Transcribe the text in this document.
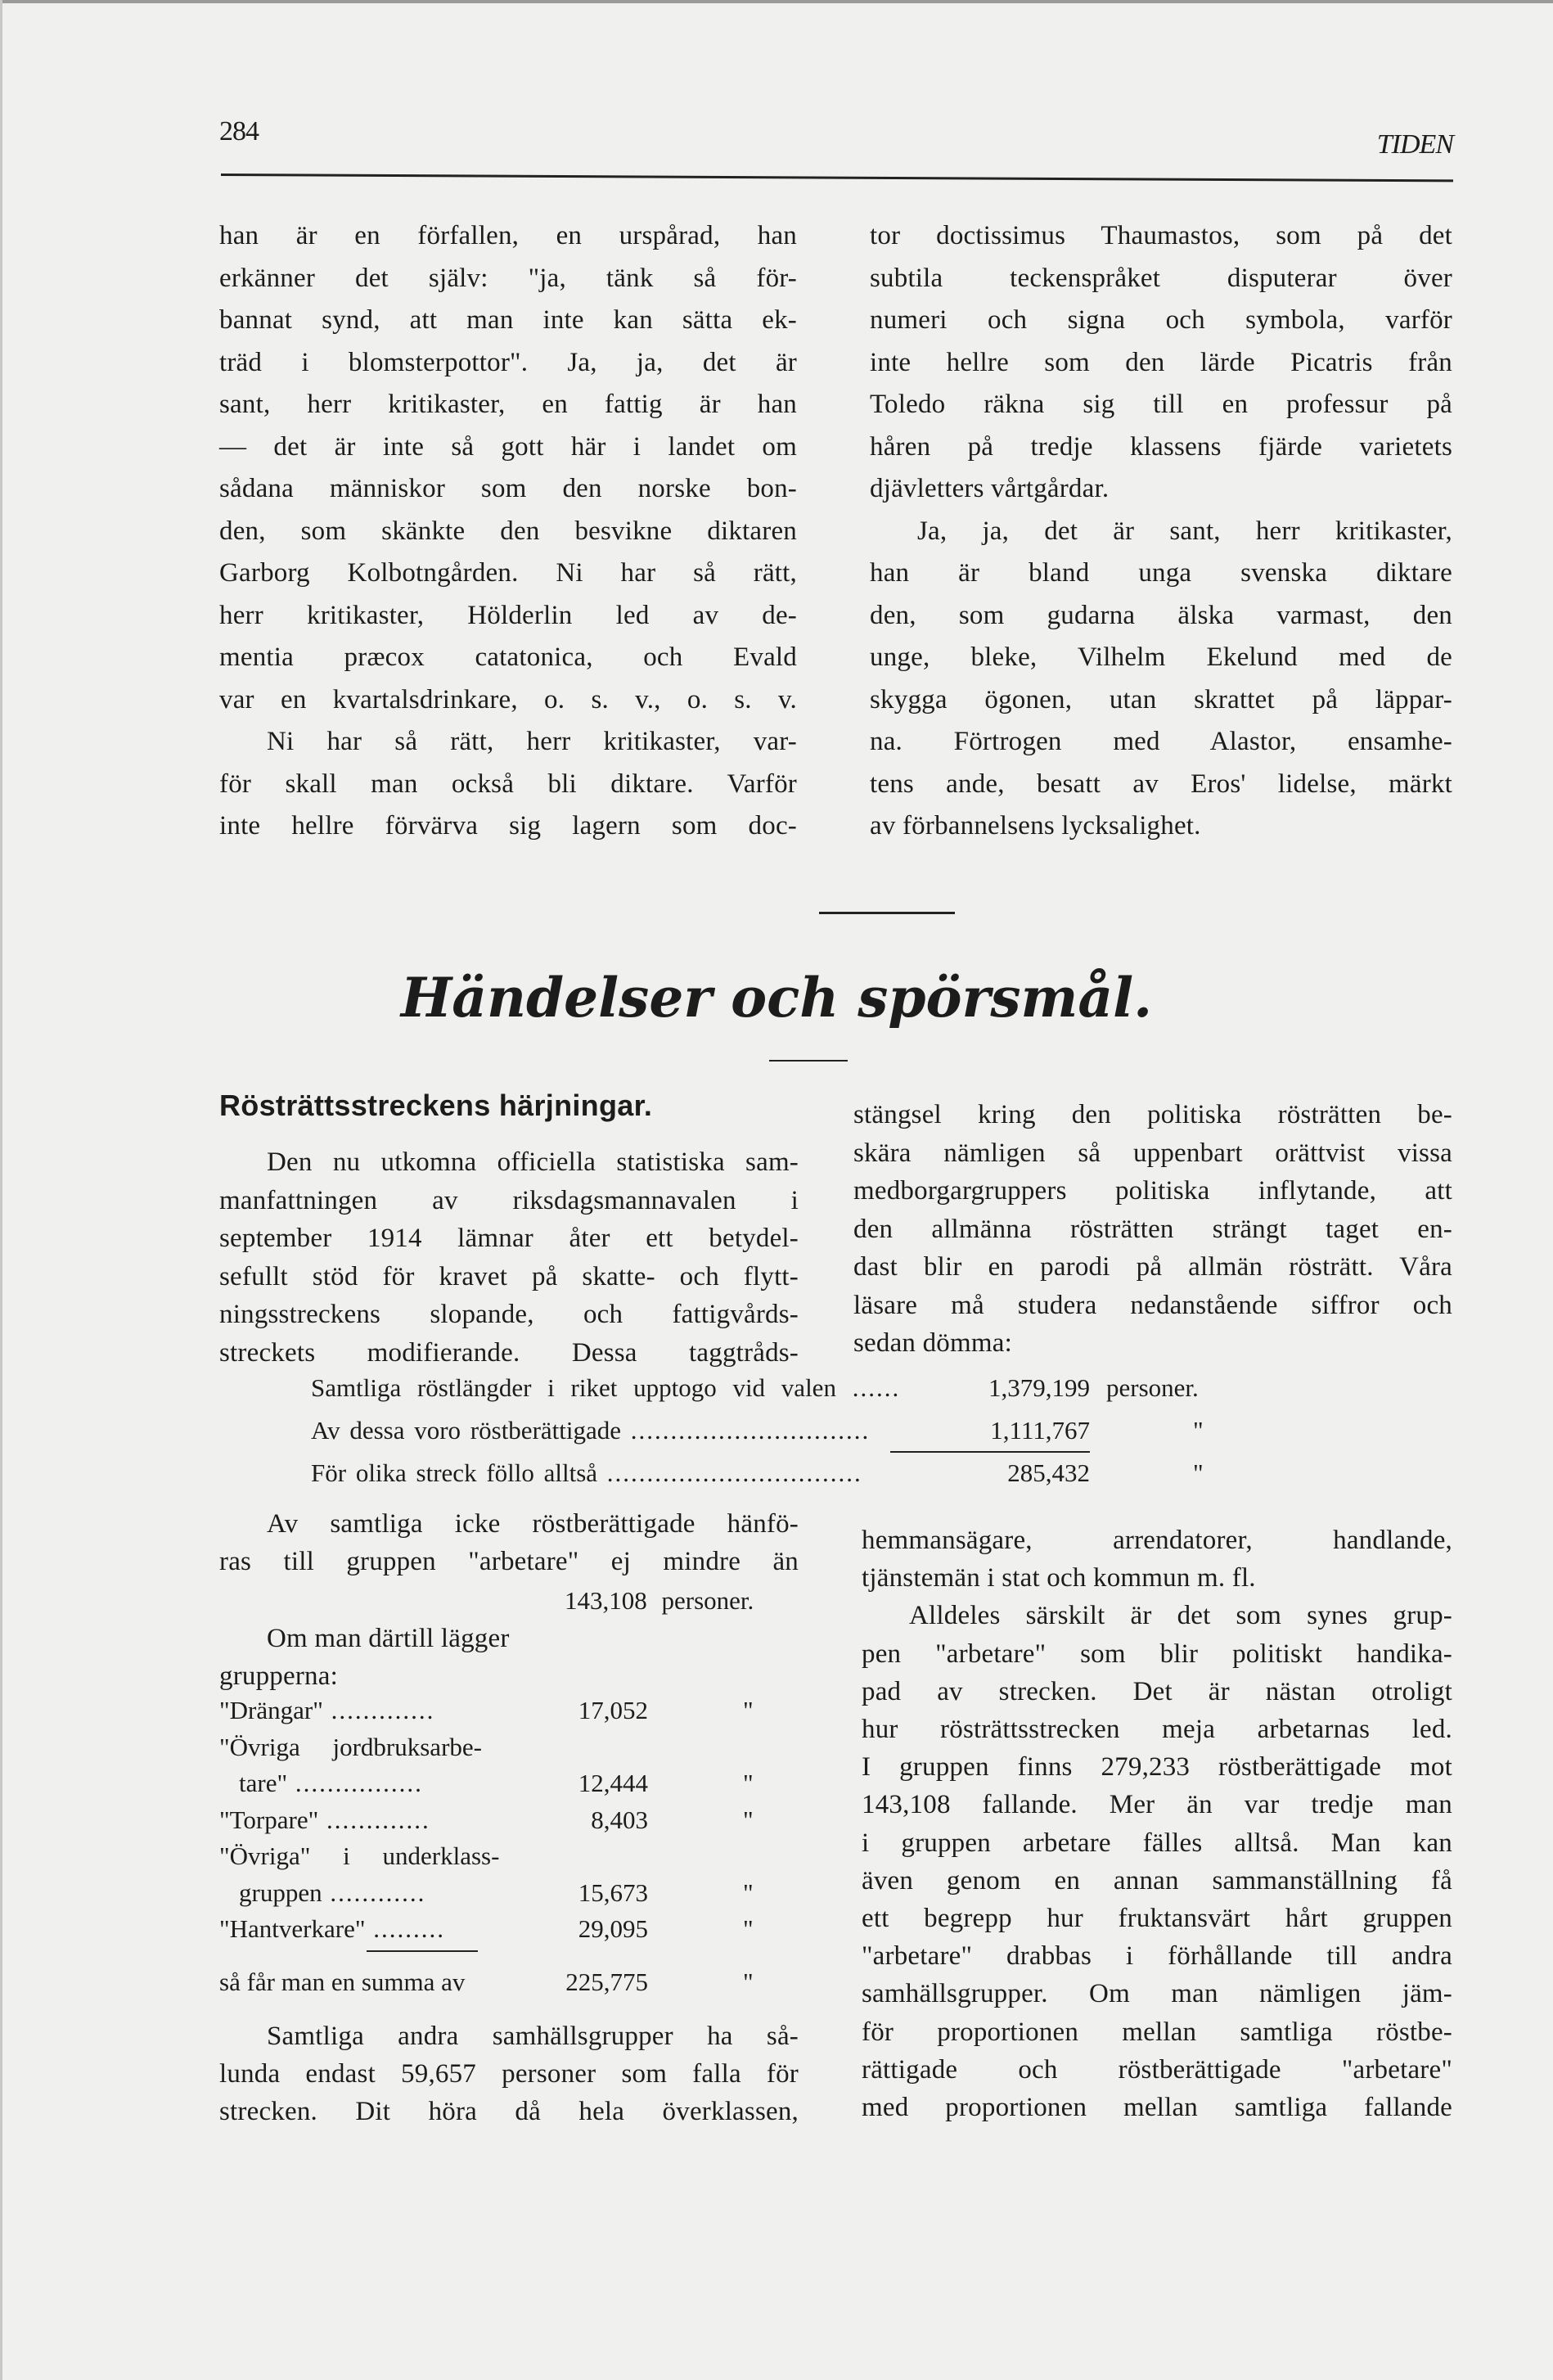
284	TIDEN
han är en förfallen, en urspårad, han
erkänner det själv: "ja, tänk så för-
bannat synd, att man inte kan sätta ek-
träd i blomsterpottor". Ja, ja, det är
sant, herr kritikaster, en fattig är han
— det är inte så gott här i landet om
sådana människor som den norske bon-
den, som skänkte den besvikne diktaren
Garborg Kolbotngården. Ni har så rätt,
herr kritikaster, Hölderlin led av de-
mentia præcox catatonica, och Evald
var en kvartalsdrinkare, o. s. v., o. s. v.
Ni har så rätt, herr kritikaster, var-
för skall man också bli diktare. Varför
inte hellre förvärva sig lagern som doc-
tor doctissimus Thaumastos, som på det
subtila teckenspråket disputerar över
numeri och signa och symbola, varför
inte hellre som den lärde Picatris från
Toledo räkna sig till en professur på
håren på tredje klassens fjärde varietets
djävletters vårtgårdar.
Ja, ja, det är sant, herr kritikaster,
han är bland unga svenska diktare
den, som gudarna älska varmast, den
unge, bleke, Vilhelm Ekelund med de
skygga ögonen, utan skrattet på läppar-
na. Förtrogen med Alastor, ensamhe-
tens ande, besatt av Eros' lidelse, märkt
av förbannelsens lycksalighet.
Händelser och spörsmål.
Rösträttsstreckens härjningar.
Den nu utkomna officiella statistiska sam-
manfattningen av riksdagsmannavalen i
september 1914 lämnar åter ett betydel-
sefullt stöd för kravet på skatte- och flytt-
ningsstreckens slopande, och fattigvårds-
streckets modifierande. Dessa taggtråds-
stängsel kring den politiska rösträtten be-
skära nämligen så uppenbart orättvist vissa
medborgargruppers politiska inflytande, att
den allmänna rösträtten strängt taget en-
dast blir en parodi på allmän rösträtt. Våra
läsare må studera nedanstående siffror och
sedan dömma:
Samtliga röstlängder i riket upptogo vid valen ......	1,379,199 personer.
Av dessa voro röstberättigade ..............................	1,111,767	"
För olika streck föllo alltså ................................	285,432	"
Av samtliga icke röstberättigade hänfö-
ras till gruppen "arbetare" ej mindre än
143,108 personer.
Om man därtill lägger
grupperna:
"Drängar" .............	17,052	"
"Övriga jordbruksarbe-
tare" ................	12,444	"
"Torpare" .............	8,403	"
"Övriga" i underklass-
gruppen ............	15,673	"
"Hantverkare" .........	29,095	"
så får man en summa av	225,775	"
Samtliga andra samhällsgrupper ha så-
lunda endast 59,657 personer som falla för
strecken. Dit höra då hela överklassen,
hemmansägare, arrendatorer, handlande,
tjänstemän i stat och kommun m. fl.
Alldeles särskilt är det som synes grup-
pen "arbetare" som blir politiskt handika-
pad av strecken. Det är nästan otroligt
hur rösträttsstrecken meja arbetarnas led.
I gruppen finns 279,233 röstberättigade mot
143,108 fallande. Mer än var tredje man
i gruppen arbetare fälles alltså. Man kan
även genom en annan sammanställning få
ett begrepp hur fruktansvärt hårt gruppen
"arbetare" drabbas i förhållande till andra
samhällsgrupper. Om man nämligen jäm-
för proportionen mellan samtliga röstbe-
rättigade och röstberättigade "arbetare"
med proportionen mellan samtliga fallande
